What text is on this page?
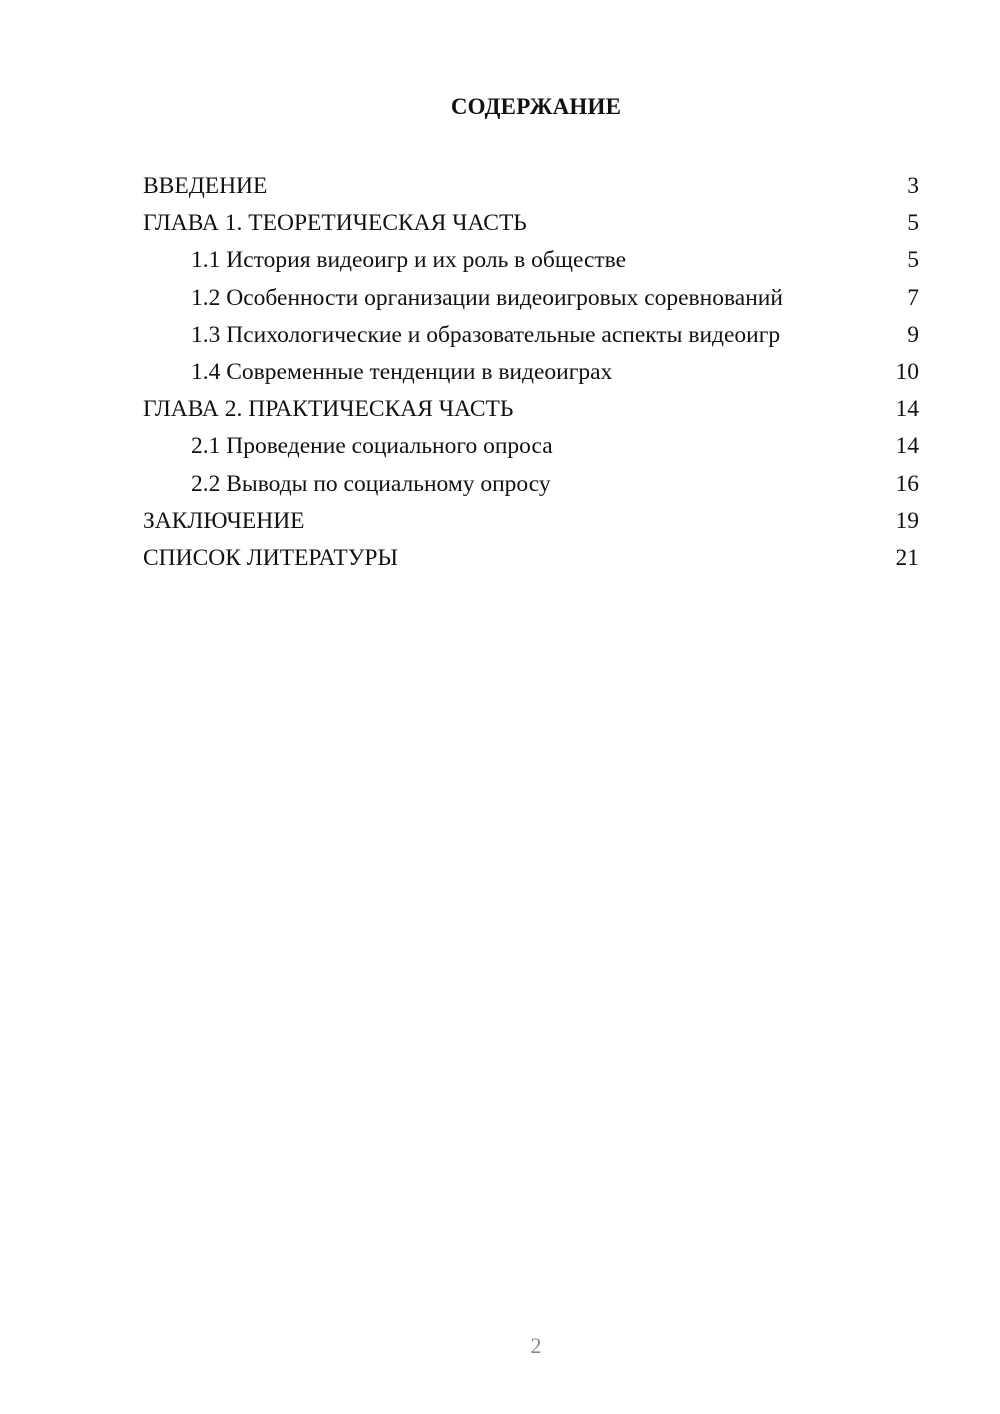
СОДЕРЖАНИЕ
ВВЕДЕНИЕ	3
ГЛАВА 1. ТЕОРЕТИЧЕСКАЯ ЧАСТЬ	5
1.1 История видеоигр и их роль в обществе	5
1.2 Особенности организации видеоигровых соревнований	7
1.3 Психологические и образовательные аспекты видеоигр	9
1.4 Современные тенденции в видеоиграх	10
ГЛАВА 2. ПРАКТИЧЕСКАЯ ЧАСТЬ	14
2.1 Проведение социального опроса	14
2.2 Выводы по социальному опросу	16
ЗАКЛЮЧЕНИЕ	19
СПИСОК ЛИТЕРАТУРЫ	21
2
